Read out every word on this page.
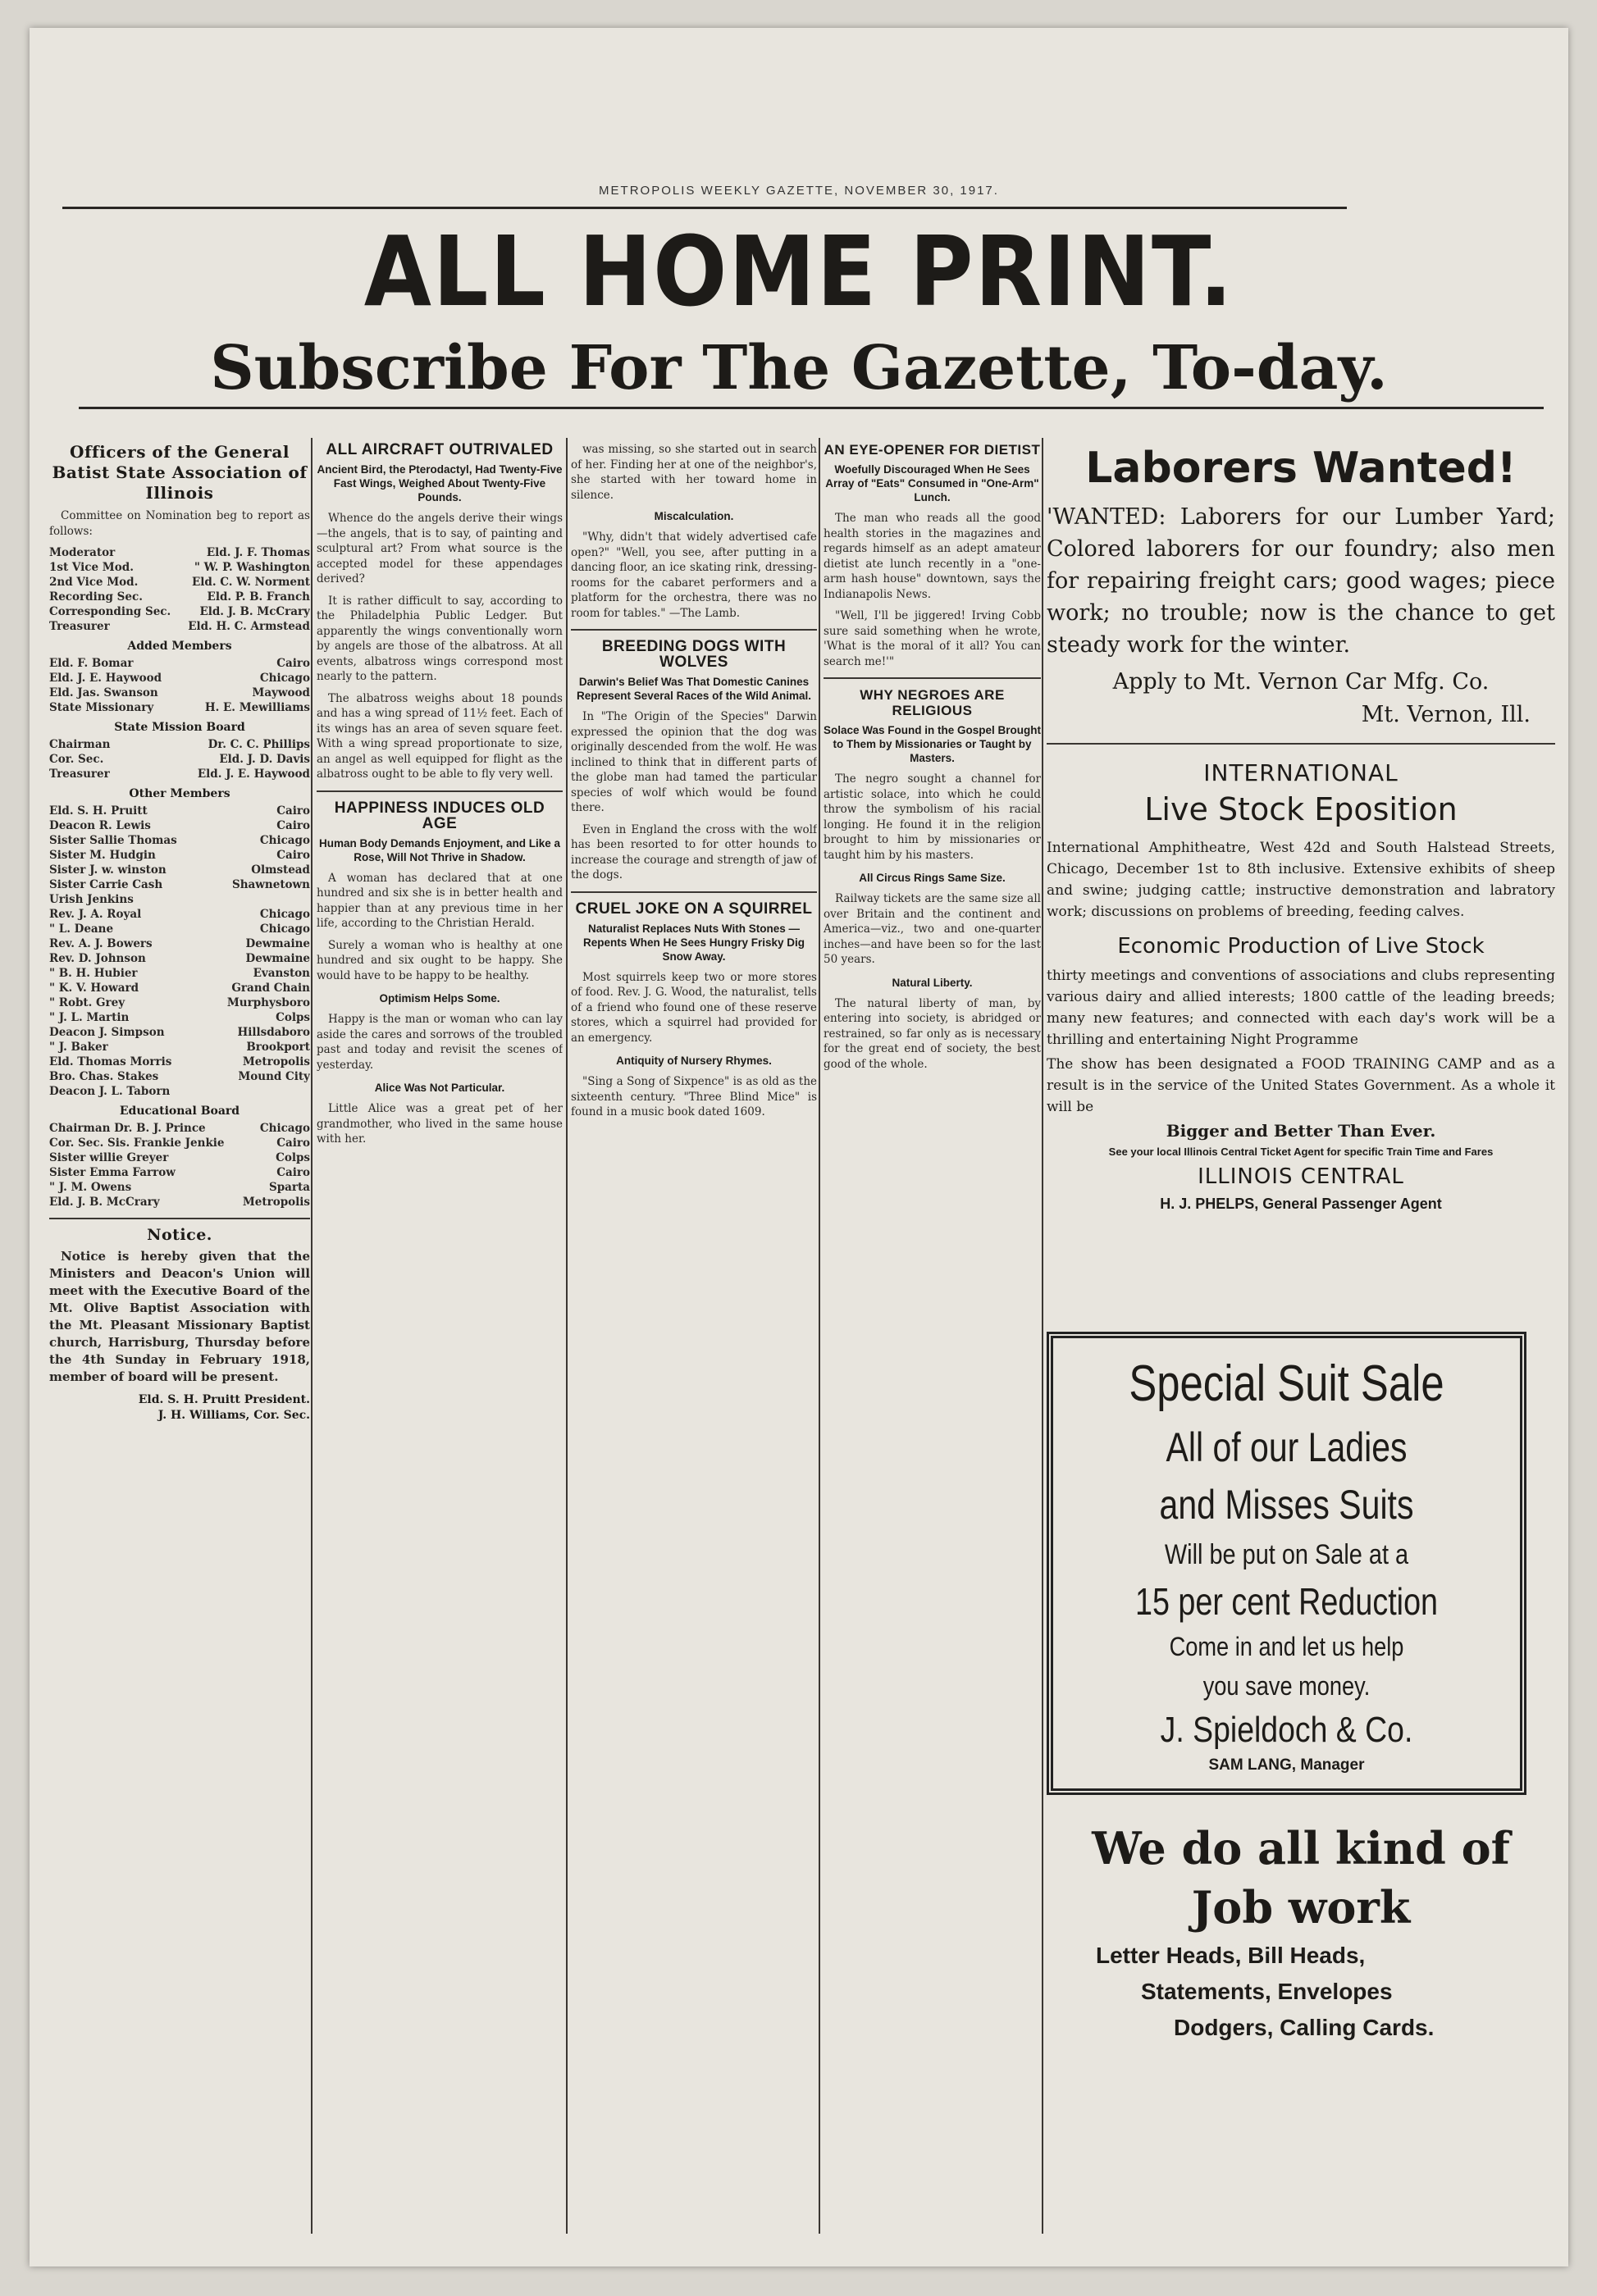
METROPOLIS WEEKLY GAZETTE, NOVEMBER 30, 1917.
ALL HOME PRINT.
Subscribe For The Gazette, To-day.
Officers of the General Batist State Association of Illinois
Committee on Nomination beg to report as follows:
Moderator	Eld. J. F. Thomas
1st Vice Mod.	" W. P. Washington
2nd Vice Mod.	Eld. C. W. Norment
Recording Sec.	Eld. P. B. Franch
Corresponding Sec.	Eld. J. B. McCrary
Treasurer	Eld. H. C. Armstead
Added Members
Eld. F. Bomar	Cairo
Eld. J. E. Haywood	Chicago
Eld. Jas. Swanson	Maywood
State Missionary	H. E. Mewilliams
State Mission Board
Chairman	Dr. C. C. Phillips
Cor. Sec.	Eld. J. D. Davis
Treasurer	Eld. J. E. Haywood
Other Members
Eld. S. H. Pruitt	Cairo
Deacon R. Lewis	Cairo
Sister Sallie Thomas	Chicago
Sister M. Hudgin	Cairo
Sister J. w. winston	Olmstead
Sister Carrie Cash	Shawnetown
Urish Jenkins
Rev. J. A. Royal	Chicago
" L. Deane	Chicago
Rev. A. J. Bowers	Dewmaine
Rev. D. Johnson	Dewmaine
" B. H. Hubier	Evanston
" K. V. Howard	Grand Chain
" Robt. Grey	Murphysboro
" J. L. Martin	Colps
Deacon J. Simpson	Hillsdaboro
" J. Baker	Brookport
Eld. Thomas Morris	Metropolis
Bro. Chas. Stakes	Mound City
Deacon J. L. Taborn
Educational Board
Chairman Dr. B. J. Prince	Chicago
Cor. Sec. Sis. Frankie Jenkie	Cairo
Sister willie Greyer	Colps
Sister Emma Farrow	Cairo
" J. M. Owens	Sparta
Eld. J. B. McCrary	Metropolis
Notice.
Notice is hereby given that the Ministers and Deacon's Union will meet with the Executive Board of the Mt. Olive Baptist Association with the Mt. Pleasant Missionary Baptist church, Harrisburg, Thursday before the 4th Sunday in February 1918, member of board will be present.
Eld. S. H. Pruitt President.
J. H. Williams, Cor. Sec.
ALL AIRCRAFT OUTRIVALED
Ancient Bird, the Pterodactyl, Had Twenty-Five Fast Wings, Weighed About Twenty-Five Pounds.
Whence do the angels derive their wings—the angels, that is to say, of painting and sculptural art? From what source is the accepted model for these appendages derived?
It is rather difficult to say, according to the Philadelphia Public Ledger. But apparently the wings conventionally worn by angels are those of the albatross. At all events, albatross wings correspond most nearly to the pattern.
The albatross weighs about 18 pounds and has a wing spread of 11½ feet. Each of its wings has an area of seven square feet. With a wing spread proportionate to size, an angel as well equipped for flight as the albatross ought to be able to fly very well.
HAPPINESS INDUCES OLD AGE
Human Body Demands Enjoyment, and Like a Rose, Will Not Thrive in Shadow.
A woman has declared that at one hundred and six she is in better health and happier than at any previous time in her life, according to the Christian Herald.
Surely a woman who is healthy at one hundred and six ought to be happy. She would have to be happy to be healthy.
Optimism Helps Some.
Happy is the man or woman who can lay aside the cares and sorrows of the troubled past and today and revisit the scenes of yesterday.
Alice Was Not Particular.
Little Alice was a great pet of her grandmother, who lived in the same house with her.
was missing, so she started out in search of her. Finding her at one of the neighbor's, she started with her toward home in silence.
Miscalculation.
"Why, didn't that widely advertised cafe open?" "Well, you see, after putting in a dancing floor, an ice skating rink, dressing-rooms for the cabaret performers and a platform for the orchestra, there was no room for tables." —The Lamb.
BREEDING DOGS WITH WOLVES
Darwin's Belief Was That Domestic Canines Represent Several Races of the Wild Animal.
In "The Origin of the Species" Darwin expressed the opinion that the dog was originally descended from the wolf. He was inclined to think that in different parts of the globe man had tamed the particular species of wolf which would be found there.
Even in England the cross with the wolf has been resorted to for otter hounds to increase the courage and strength of jaw of the dogs.
CRUEL JOKE ON A SQUIRREL
Naturalist Replaces Nuts With Stones —Repents When He Sees Hungry Frisky Dig Snow Away.
Most squirrels keep two or more stores of food. Rev. J. G. Wood, the naturalist, tells of a friend who found one of these reserve stores, which a squirrel had provided for an emergency.
Antiquity of Nursery Rhymes.
"Sing a Song of Sixpence" is as old as the sixteenth century. "Three Blind Mice" is found in a music book dated 1609.
AN EYE-OPENER FOR DIETIST
Woefully Discouraged When He Sees Array of "Eats" Consumed in "One-Arm" Lunch.
The man who reads all the good health stories in the magazines and regards himself as an adept amateur dietist ate lunch recently in a "one-arm hash house" downtown, says the Indianapolis News.
"Well, I'll be jiggered! Irving Cobb sure said something when he wrote, 'What is the moral of it all? You can search me!'"
WHY NEGROES ARE RELIGIOUS
Solace Was Found in the Gospel Brought to Them by Missionaries or Taught by Masters.
The negro sought a channel for artistic solace, into which he could throw the symbolism of his racial longing. He found it in the religion brought to him by missionaries or taught him by his masters.
All Circus Rings Same Size.
Railway tickets are the same size all over Britain and the continent and America—viz., two and one-quarter inches—and have been so for the last 50 years.
Natural Liberty.
The natural liberty of man, by entering into society, is abridged or restrained, so far only as is necessary for the great end of society, the best good of the whole.
Laborers Wanted!
'WANTED: Laborers for our Lumber Yard; Colored laborers for our foundry; also men for repairing freight cars; good wages; piece work; no trouble; now is the chance to get steady work for the winter.
Apply to Mt. Vernon Car Mfg. Co.
Mt. Vernon, Ill.
INTERNATIONAL
Live Stock Eposition
International Amphitheatre, West 42d and South Halstead Streets, Chicago, December 1st to 8th inclusive. Extensive exhibits of sheep and swine; judging cattle; instructive demonstration and labratory work; discussions on problems of breeding, feeding calves.
Economic Production of Live Stock
thirty meetings and conventions of associations and clubs representing various dairy and allied interests; 1800 cattle of the leading breeds; many new features; and connected with each day's work will be a thrilling and entertaining Night Programme
The show has been designated a FOOD TRAINING CAMP and as a result is in the service of the United States Government. As a whole it will be
Bigger and Better Than Ever.
See your local Illinois Central Ticket Agent for specific Train Time and Fares
ILLINOIS CENTRAL
H. J. PHELPS, General Passenger Agent
Special Suit Sale
All of our Ladies
and Misses Suits
Will be put on Sale at a
15 per cent Reduction
Come in and let us help
you save money.
J. Spieldoch & Co.
SAM LANG, Manager
We do all kind of
Job work
Letter Heads, Bill Heads,
Statements, Envelopes
Dodgers, Calling Cards.
